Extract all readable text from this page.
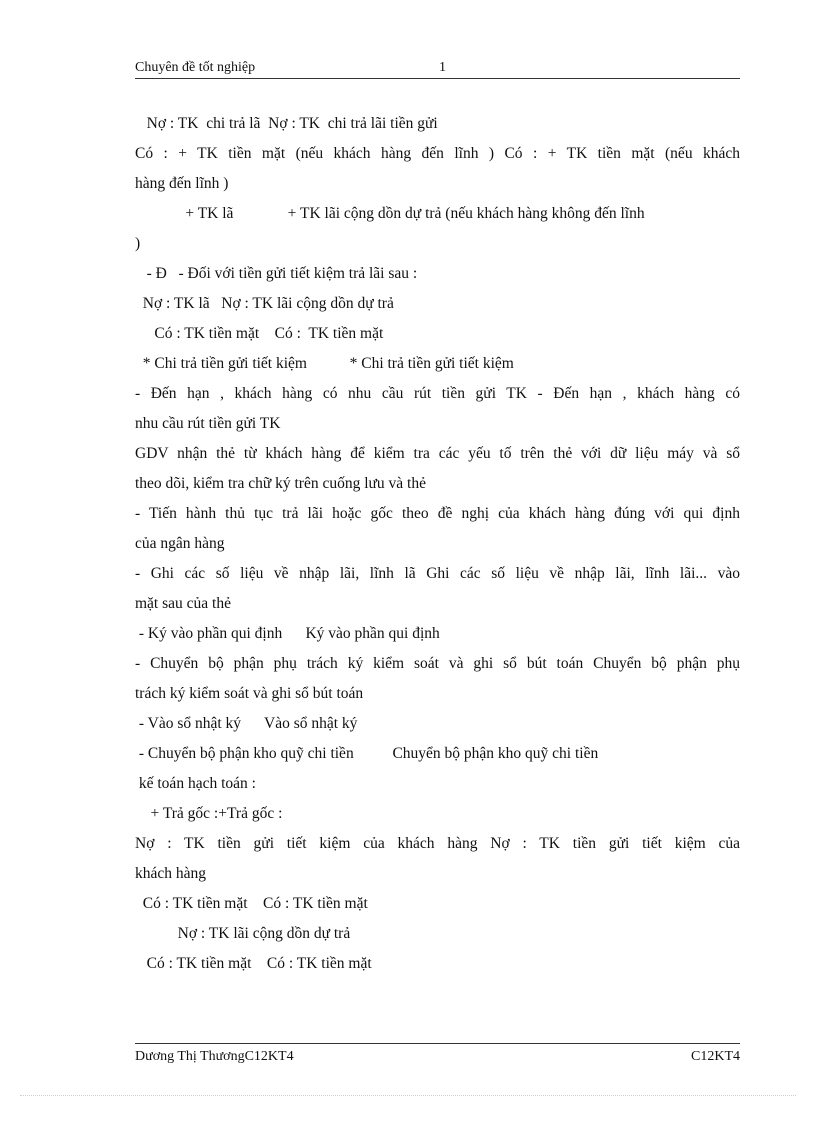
Chuyên đề tốt nghiệp	1
Nợ : TK  chi trả lã  Nợ : TK  chi trả lãi tiền gửi
Có : + TK tiền mặt (nếu khách hàng đến lĩnh ) Có : + TK tiền mặt (nếu khách
hàng đến lĩnh )
+ TK lã              + TK lãi cộng dồn dự trả (nếu khách hàng không đến lĩnh
)
- Đ   - Đối với tiền gửi tiết kiệm trả lãi sau :
Nợ : TK lã   Nợ : TK lãi cộng dồn dự trả
Có : TK tiền mặt    Có :  TK tiền mặt
* Chi trả tiền gửi tiết kiệm           * Chi trả tiền gửi tiết kiệm
- Đến hạn , khách hàng có nhu cầu rút tiền gửi TK - Đến hạn , khách hàng có
nhu cầu rút tiền gửi TK
GDV nhận thẻ từ khách hàng để kiểm tra các yếu tố trên thẻ với dữ liệu máy và sổ
theo dõi, kiểm tra chữ ký trên cuống lưu và thẻ
- Tiến hành thủ tục trả lãi hoặc gốc theo đề nghị của khách hàng đúng với qui định
của ngân hàng
- Ghi các số liệu về nhập lãi, lĩnh lã Ghi các số liệu về nhập lãi, lĩnh lãi... vào
mặt sau của thẻ
- Ký vào phần qui định      Ký vào phần qui định
- Chuyển bộ phận phụ trách ký kiểm soát và ghi sổ bút toán Chuyển bộ phận phụ
trách ký kiểm soát và ghi sổ bút toán
- Vào sổ nhật ký      Vào sổ nhật ký
- Chuyển bộ phận kho quỹ chi tiền          Chuyển bộ phận kho quỹ chi tiền
kế toán hạch toán :
+ Trả gốc :+Trả gốc :
Nợ : TK tiền gửi tiết kiệm của khách hàng Nợ : TK tiền gửi tiết kiệm của
khách hàng
Có : TK tiền mặt    Có : TK tiền mặt
Nợ : TK lãi cộng dồn dự trả
Có : TK tiền mặt    Có : TK tiền mặt
Dương Thị ThươngC12KT4	C12KT4
